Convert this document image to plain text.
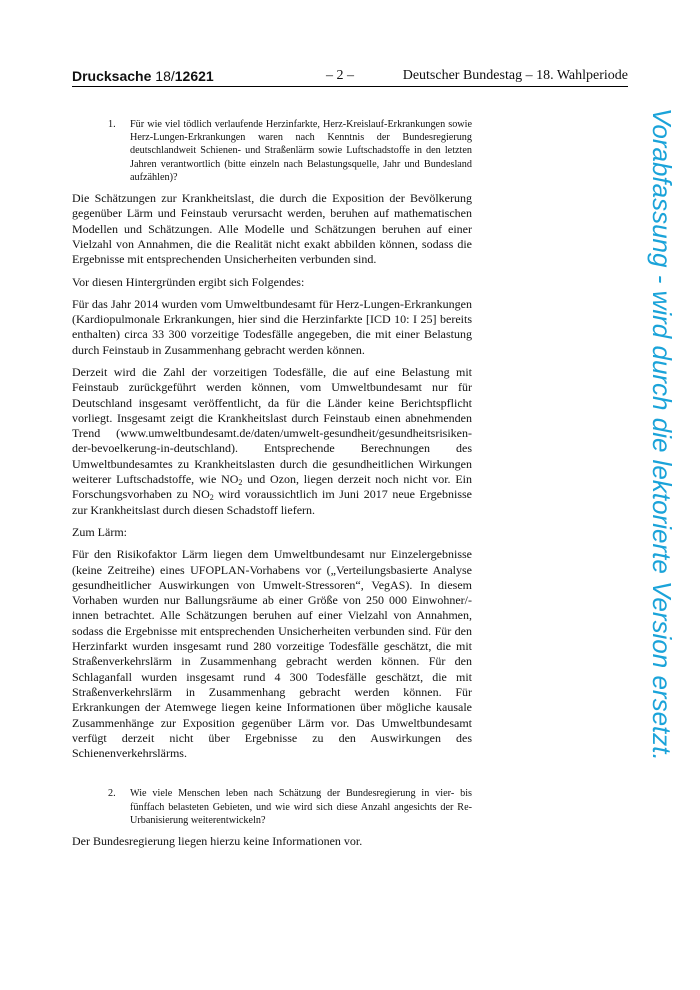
Drucksache 18/12621	– 2 –	Deutscher Bundestag – 18. Wahlperiode
1.	Für wie viel tödlich verlaufende Herzinfarkte, Herz-Kreislauf-Erkrankungen sowie Herz-Lungen-Erkrankungen waren nach Kenntnis der Bundesregierung deutschlandweit Schienen- und Straßenlärm sowie Luftschadstoffe in den letzten Jahren verantwortlich (bitte einzeln nach Belastungsquelle, Jahr und Bundesland aufzählen)?

Die Schätzungen zur Krankheitslast, die durch die Exposition der Bevölkerung gegenüber Lärm und Feinstaub verursacht werden, beruhen auf mathematischen Modellen und Schätzungen. Alle Modelle und Schätzungen beruhen auf einer Vielzahl von Annahmen, die die Realität nicht exakt abbilden können, sodass die Ergebnisse mit entsprechenden Unsicherheiten verbunden sind.

Vor diesen Hintergründen ergibt sich Folgendes:

Für das Jahr 2014 wurden vom Umweltbundesamt für Herz-Lungen-Erkrankungen (Kardiopulmonale Erkrankungen, hier sind die Herzinfarkte [ICD 10: I 25] bereits enthalten) circa 33 300 vorzeitige Todesfälle angegeben, die mit einer Belastung durch Feinstaub in Zusammenhang gebracht werden können.

Derzeit wird die Zahl der vorzeitigen Todesfälle, die auf eine Belastung mit Feinstaub zurückgeführt werden können, vom Umweltbundesamt nur für Deutschland insgesamt veröffentlicht, da für die Länder keine Berichtspflicht vorliegt. Insgesamt zeigt die Krankheitslast durch Feinstaub einen abnehmenden Trend (www.umweltbundesamt.de/daten/umwelt-gesundheit/gesundheitsrisiken-der-bevoelkerung-in-deutschland). Entsprechende Berechnungen des Umweltbundesamtes zu Krankheitslasten durch die gesundheitlichen Wirkungen weiterer Luftschadstoffe, wie $NO_2$ und Ozon, liegen derzeit noch nicht vor. Ein Forschungsvorhaben zu $NO_2$ wird voraussichtlich im Juni 2017 neue Ergebnisse zur Krankheitslast durch diesen Schadstoff liefern.

Zum Lärm:

Für den Risikofaktor Lärm liegen dem Umweltbundesamt nur Einzelergebnisse (keine Zeitreihe) eines UFOPLAN-Vorhabens vor („Verteilungsbasierte Analyse gesundheitlicher Auswirkungen von Umwelt-Stressoren“, VegAS). In diesem Vorhaben wurden nur Ballungsräume ab einer Größe von 250 000 Einwohner/-innen betrachtet. Alle Schätzungen beruhen auf einer Vielzahl von Annahmen, sodass die Ergebnisse mit entsprechenden Unsicherheiten verbunden sind. Für den Herzinfarkt wurden insgesamt rund 280 vorzeitige Todesfälle geschätzt, die mit Straßenverkehrslärm in Zusammenhang gebracht werden können. Für den Schlaganfall wurden insgesamt rund 4 300 Todesfälle geschätzt, die mit Straßenverkehrslärm in Zusammenhang gebracht werden können. Für Erkrankungen der Atemwege liegen keine Informationen über mögliche kausale Zusammenhänge zur Exposition gegenüber Lärm vor. Das Umweltbundesamt verfügt derzeit nicht über Ergebnisse zu den Auswirkungen des Schienenverkehrslärms.

2.	Wie viele Menschen leben nach Schätzung der Bundesregierung in vier- bis fünffach belasteten Gebieten, und wie wird sich diese Anzahl angesichts der Re-Urbanisierung weiterentwickeln?

Der Bundesregierung liegen hierzu keine Informationen vor.

Vorabfassung - wird durch die lektorierte Version ersetzt.
